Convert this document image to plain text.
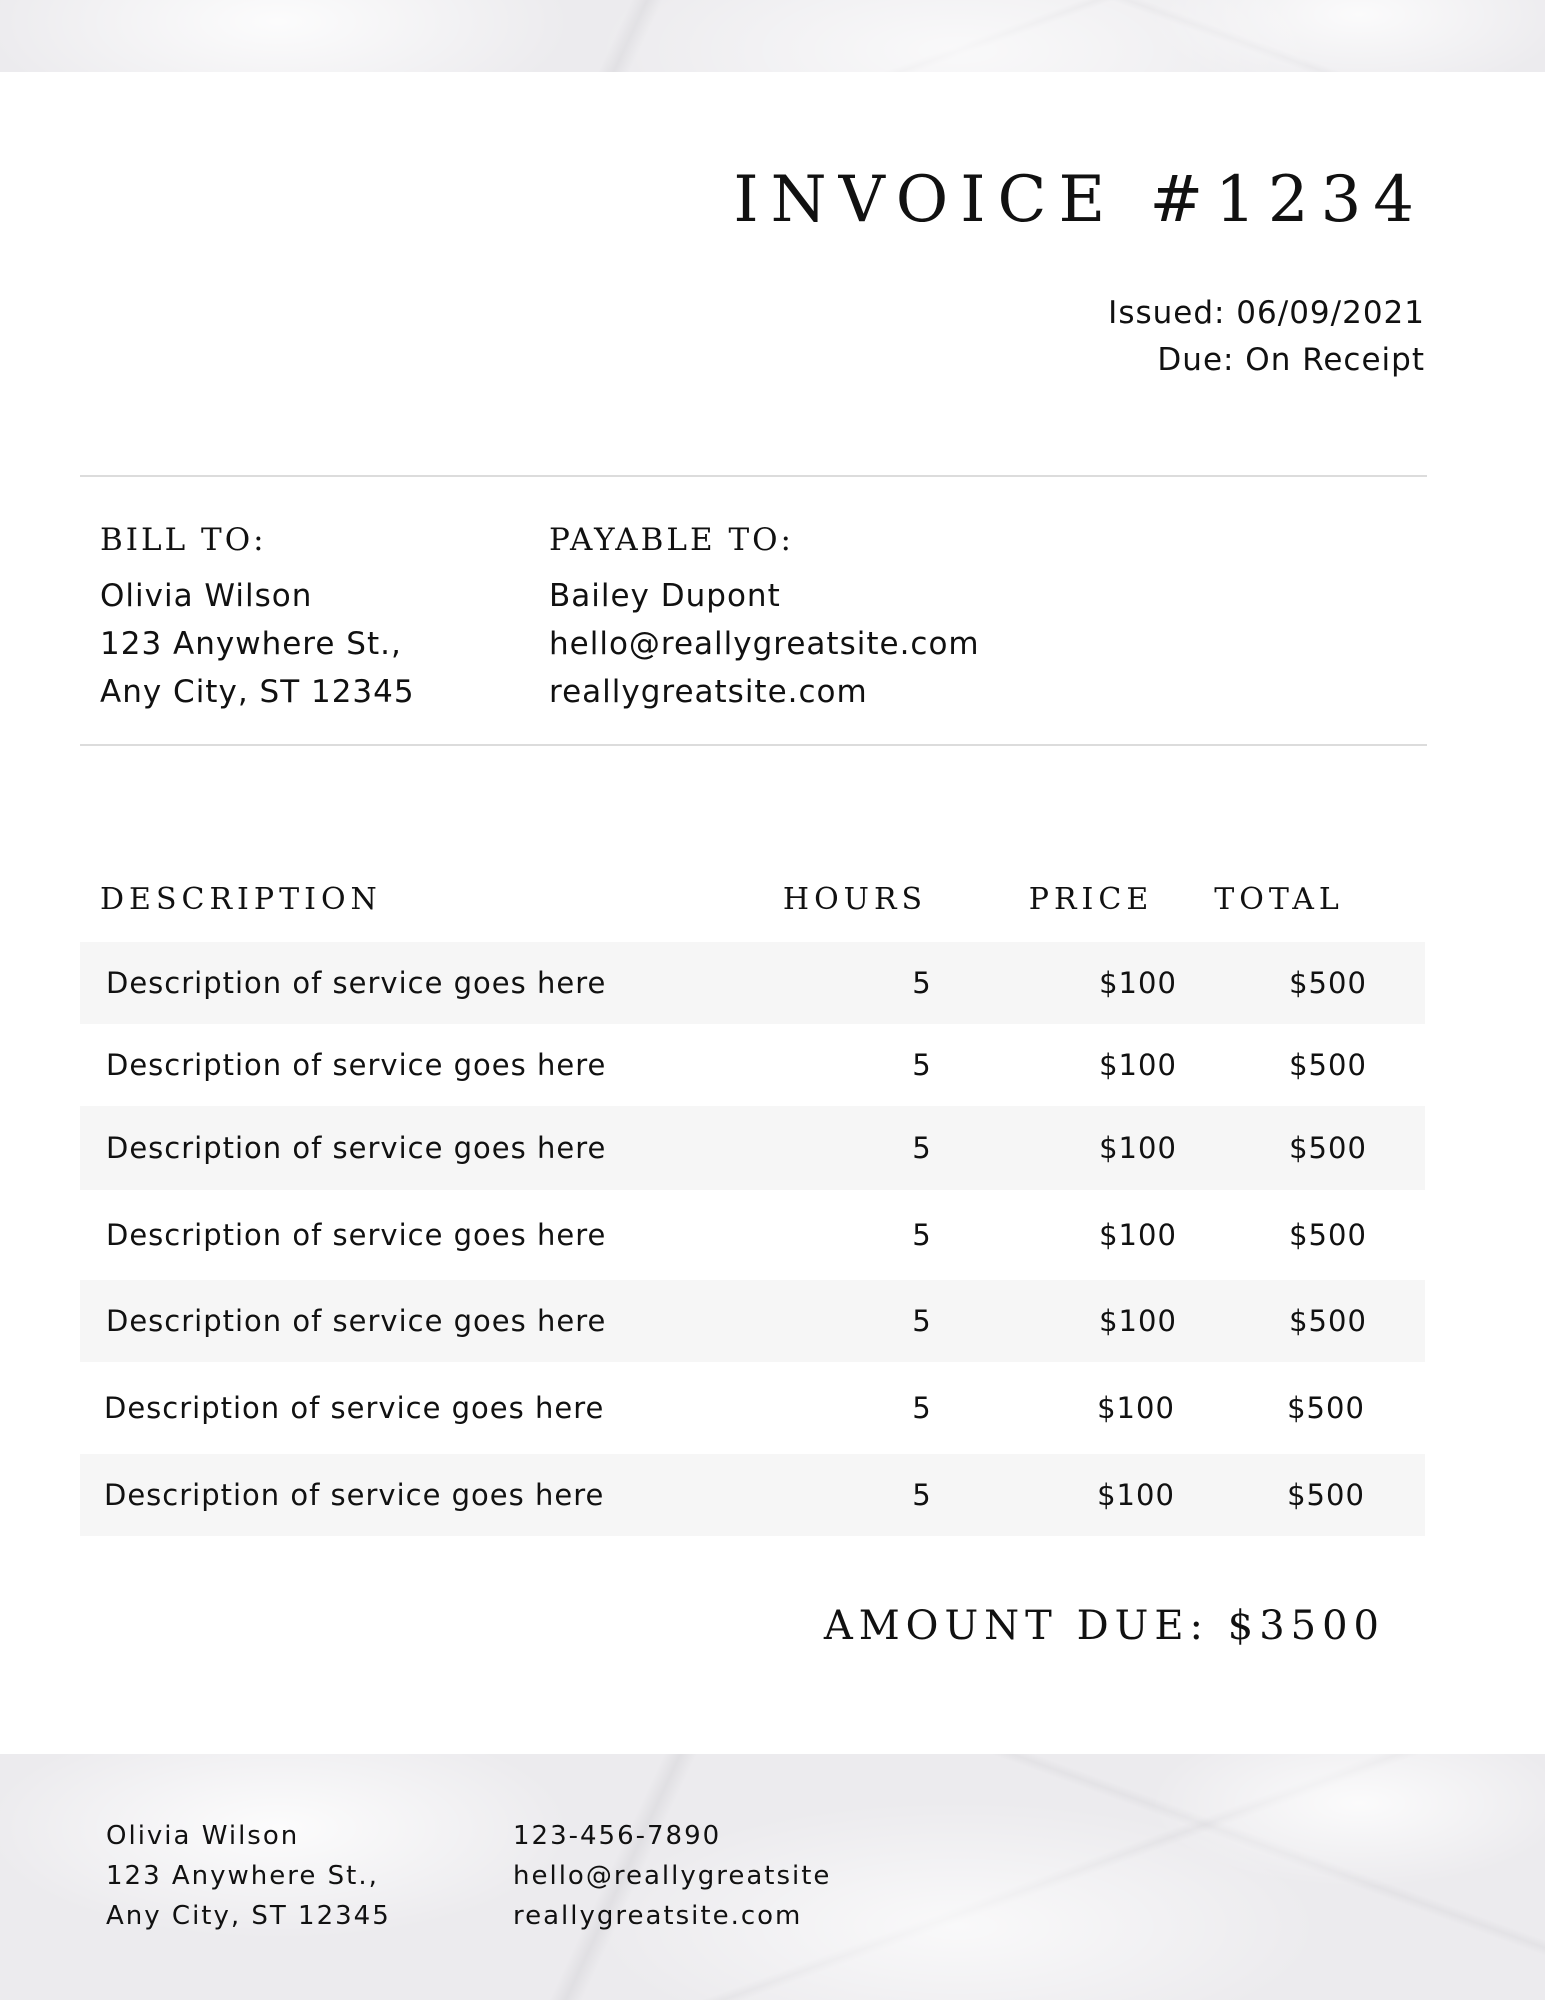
INVOICE #1234
Issued: 06/09/2021
Due: On Receipt
BILL TO:
Olivia Wilson
123 Anywhere St.,
Any City, ST 12345
PAYABLE TO:
Bailey Dupont
hello@reallygreatsite.com
reallygreatsite.com
DESCRIPTION	HOURS	PRICE TOTAL
Description of service goes here	5	$100	$500
Description of service goes here	5	$100	$500
Description of service goes here	5	$100	$500
Description of service goes here	5	$100	$500
Description of service goes here	5	$100	$500
Description of service goes here	5	$100	$500
Description of service goes here	5	$100	$500
AMOUNT DUE: $3500
Olivia Wilson
123 Anywhere St.,
Any City, ST 12345
123-456-7890
hello@reallygreatsite
reallygreatsite.com
